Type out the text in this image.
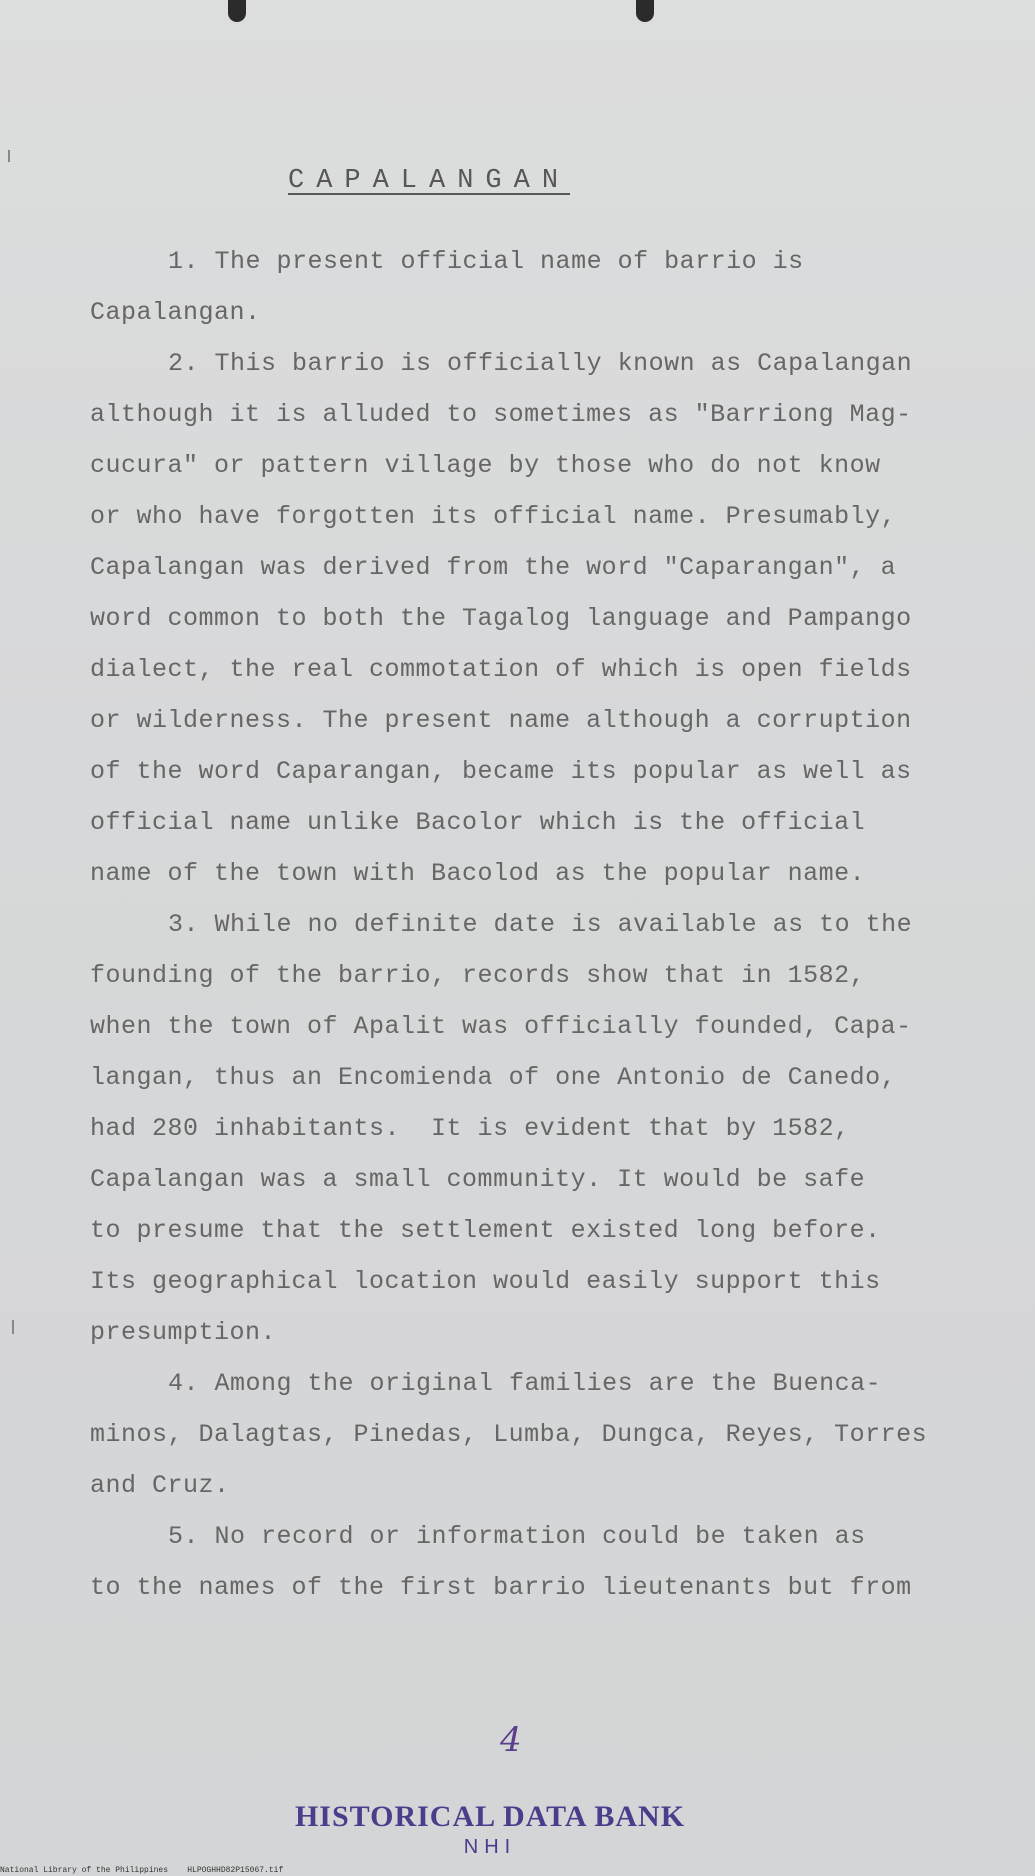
CAPALANGAN
1. The present official name of barrio is
Capalangan.
2. This barrio is officially known as Capalangan
although it is alluded to sometimes as "Barriong Mag-
cucura" or pattern village by those who do not know
or who have forgotten its official name. Presumably,
Capalangan was derived from the word "Caparangan", a
word common to both the Tagalog language and Pampango
dialect, the real commotation of which is open fields
or wilderness. The present name although a corruption
of the word Caparangan, became its popular as well as
official name unlike Bacolor which is the official
name of the town with Bacolod as the popular name.
3. While no definite date is available as to the
founding of the barrio, records show that in 1582,
when the town of Apalit was officially founded, Capa-
langan, thus an Encomienda of one Antonio de Canedo,
had 280 inhabitants.  It is evident that by 1582,
Capalangan was a small community. It would be safe
to presume that the settlement existed long before.
Its geographical location would easily support this
presumption.
4. Among the original families are the Buenca-
minos, Dalagtas, Pinedas, Lumba, Dungca, Reyes, Torres
and Cruz.
5. No record or information could be taken as
to the names of the first barrio lieutenants but from
4
HISTORICAL DATA BANK
NHI
National Library of the Philippines    HLPOGHHD82P15067.tif
